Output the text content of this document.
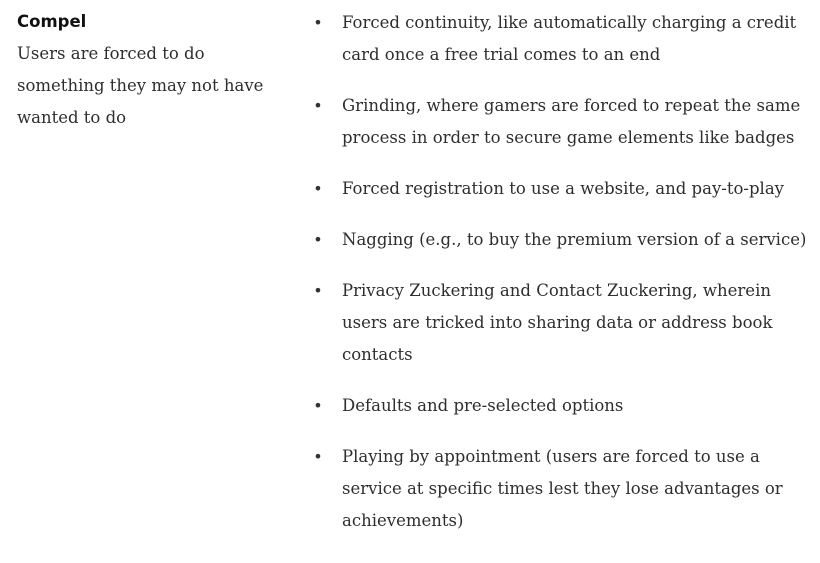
Compel

Users are forced to do something they may not have wanted to do

• Forced continuity, like automatically charging a credit card once a free trial comes to an end
• Grinding, where gamers are forced to repeat the same process in order to secure game elements like badges
• Forced registration to use a website, and pay-to-play
• Nagging (e.g., to buy the premium version of a service)
• Privacy Zuckering and Contact Zuckering, wherein users are tricked into sharing data or address book contacts
• Defaults and pre-selected options
• Playing by appointment (users are forced to use a service at specific times lest they lose advantages or achievements)
